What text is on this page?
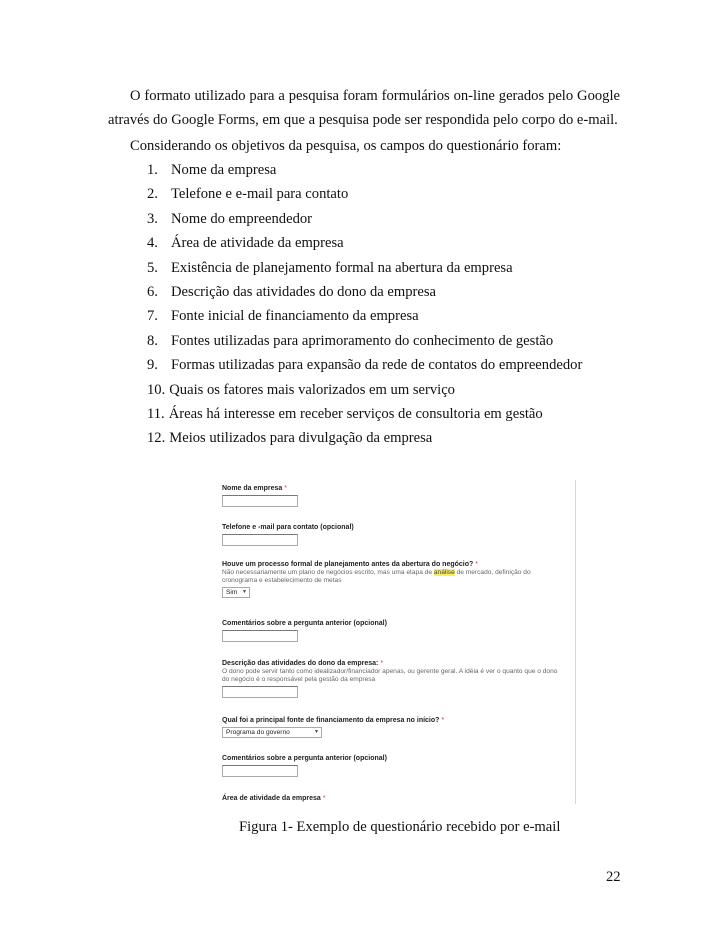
O formato utilizado para a pesquisa foram formulários on-line gerados pelo Google
através do Google Forms, em que a pesquisa pode ser respondida pelo corpo do e-mail.
Considerando os objetivos da pesquisa, os campos do questionário foram:
1. Nome da empresa
2. Telefone e e-mail para contato
3. Nome do empreendedor
4. Área de atividade da empresa
5. Existência de planejamento formal na abertura da empresa
6. Descrição das atividades do dono da empresa
7. Fonte inicial de financiamento da empresa
8. Fontes utilizadas para aprimoramento do conhecimento de gestão
9. Formas utilizadas para expansão da rede de contatos do empreendedor
10. Quais os fatores mais valorizados em um serviço
11. Áreas há interesse em receber serviços de consultoria em gestão
12. Meios utilizados para divulgação da empresa
Nome da empresa *
Telefone e -mail para contato (opcional)
Houve um processo formal de planejamento antes da abertura do negócio? *
Não necessariamente um plano de negócios escrito, mas uma etapa de análise de mercado, definição do cronograma e estabelecimento de metas
Sim ▼
Comentários sobre a pergunta anterior (opcional)
Descrição das atividades do dono da empresa: *
O dono pode servir tanto como idealizador/financiador apenas, ou gerente geral. A idéia é ver o quanto que o dono do negócio é o responsável pela gestão da empresa
Qual foi a principal fonte de financiamento da empresa no início? *
Programa do governo	▼
Comentários sobre a pergunta anterior (opcional)
Área de atividade da empresa *
Figura 1- Exemplo de questionário recebido por e-mail
22
